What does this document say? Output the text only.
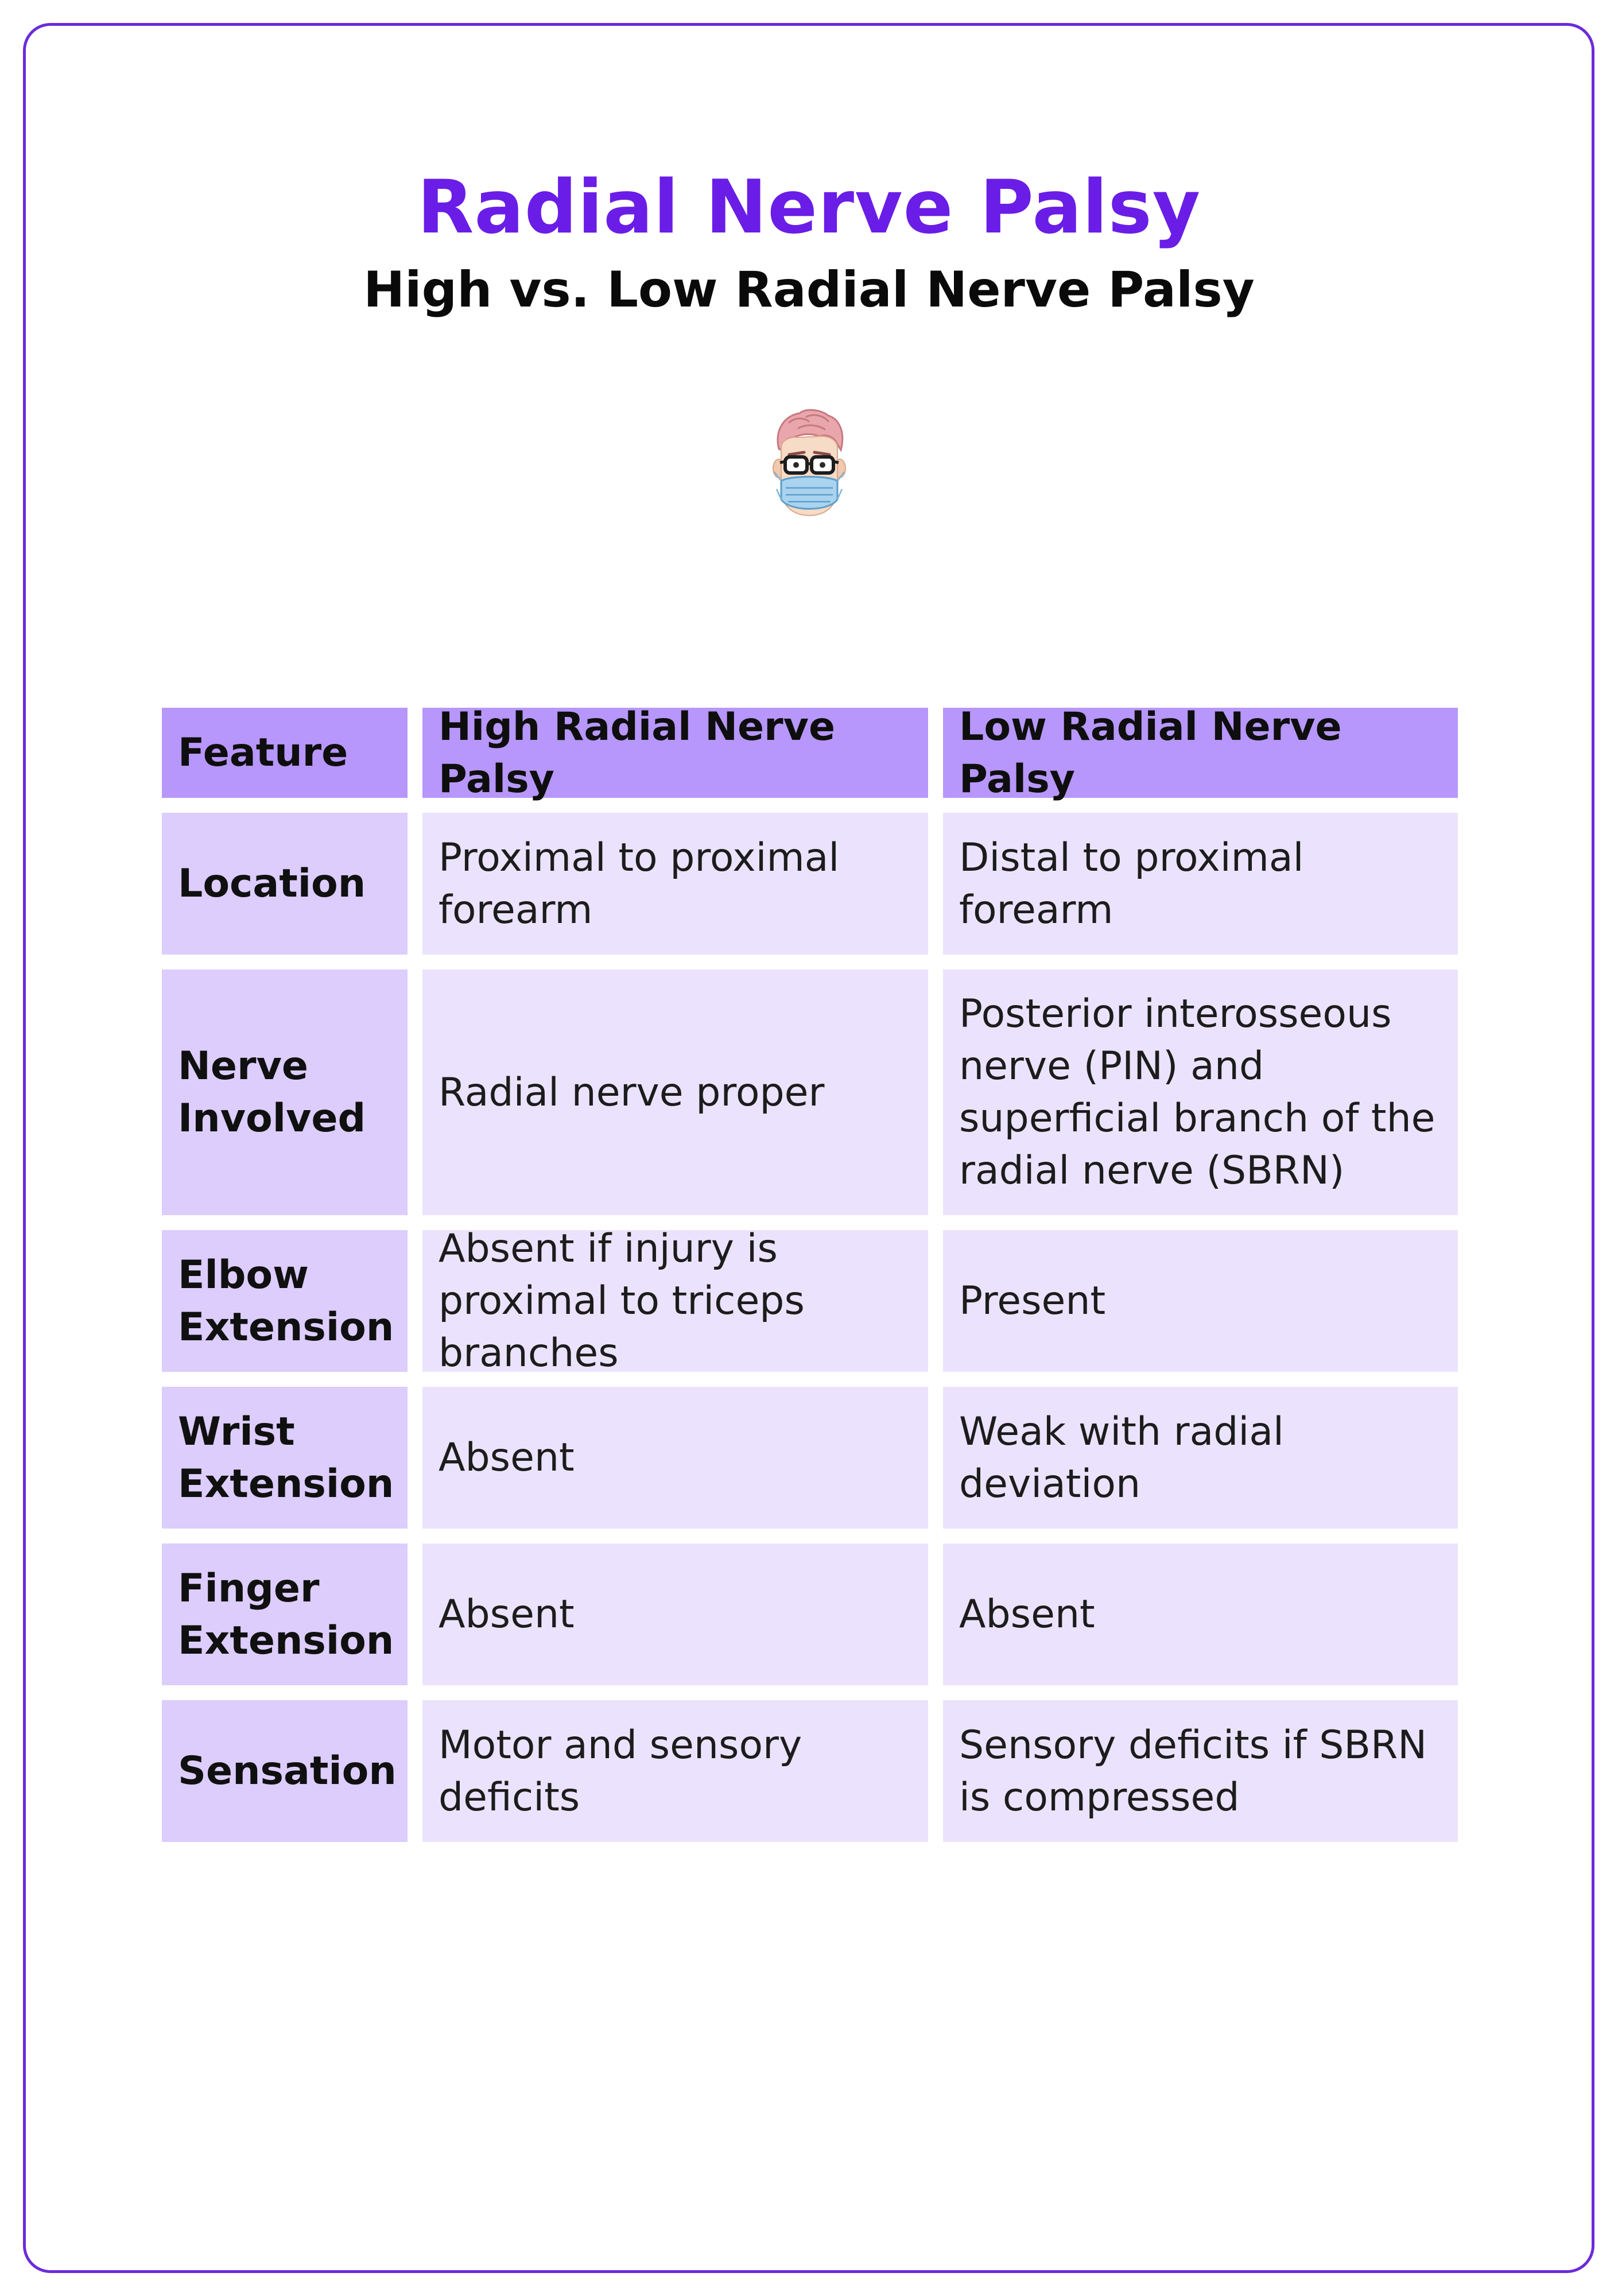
Radial Nerve Palsy
High vs. Low Radial Nerve Palsy
Feature
High Radial Nerve Palsy
Low Radial Nerve Palsy
Location
Proximal to proximal forearm
Distal to proximal forearm
Nerve Involved
Radial nerve proper
Posterior interosseous nerve (PIN) and superficial branch of the radial nerve (SBRN)
Elbow Extension
Absent if injury is proximal to triceps branches
Present
Wrist Extension
Absent
Weak with radial deviation
Finger Extension
Absent	Absent
Sensation
Motor and sensory deficits
Sensory deficits if SBRN is compressed
